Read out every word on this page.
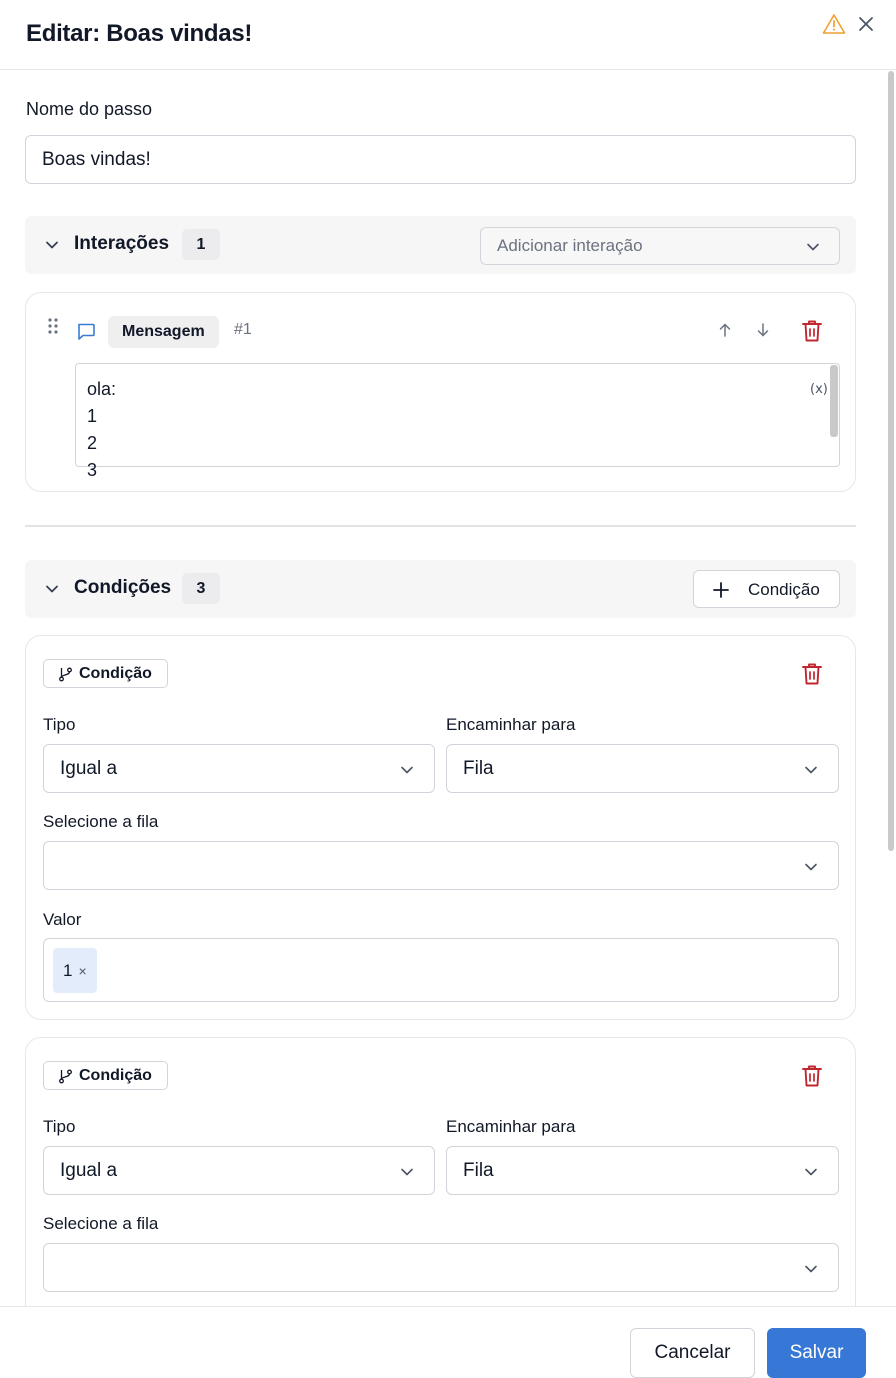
Editar: Boas vindas!
Nome do passo
Boas vindas!
Interações	1	Adicionar interação
Mensagem	#1
ola:
1
2
3
(x)
Condições	3	Condição
Condição
Tipo	Encaminhar para
Igual a	Fila
Selecione a fila
Valor
1 ×
Condição
Tipo	Encaminhar para
Igual a	Fila
Selecione a fila
Cancelar	Salvar
